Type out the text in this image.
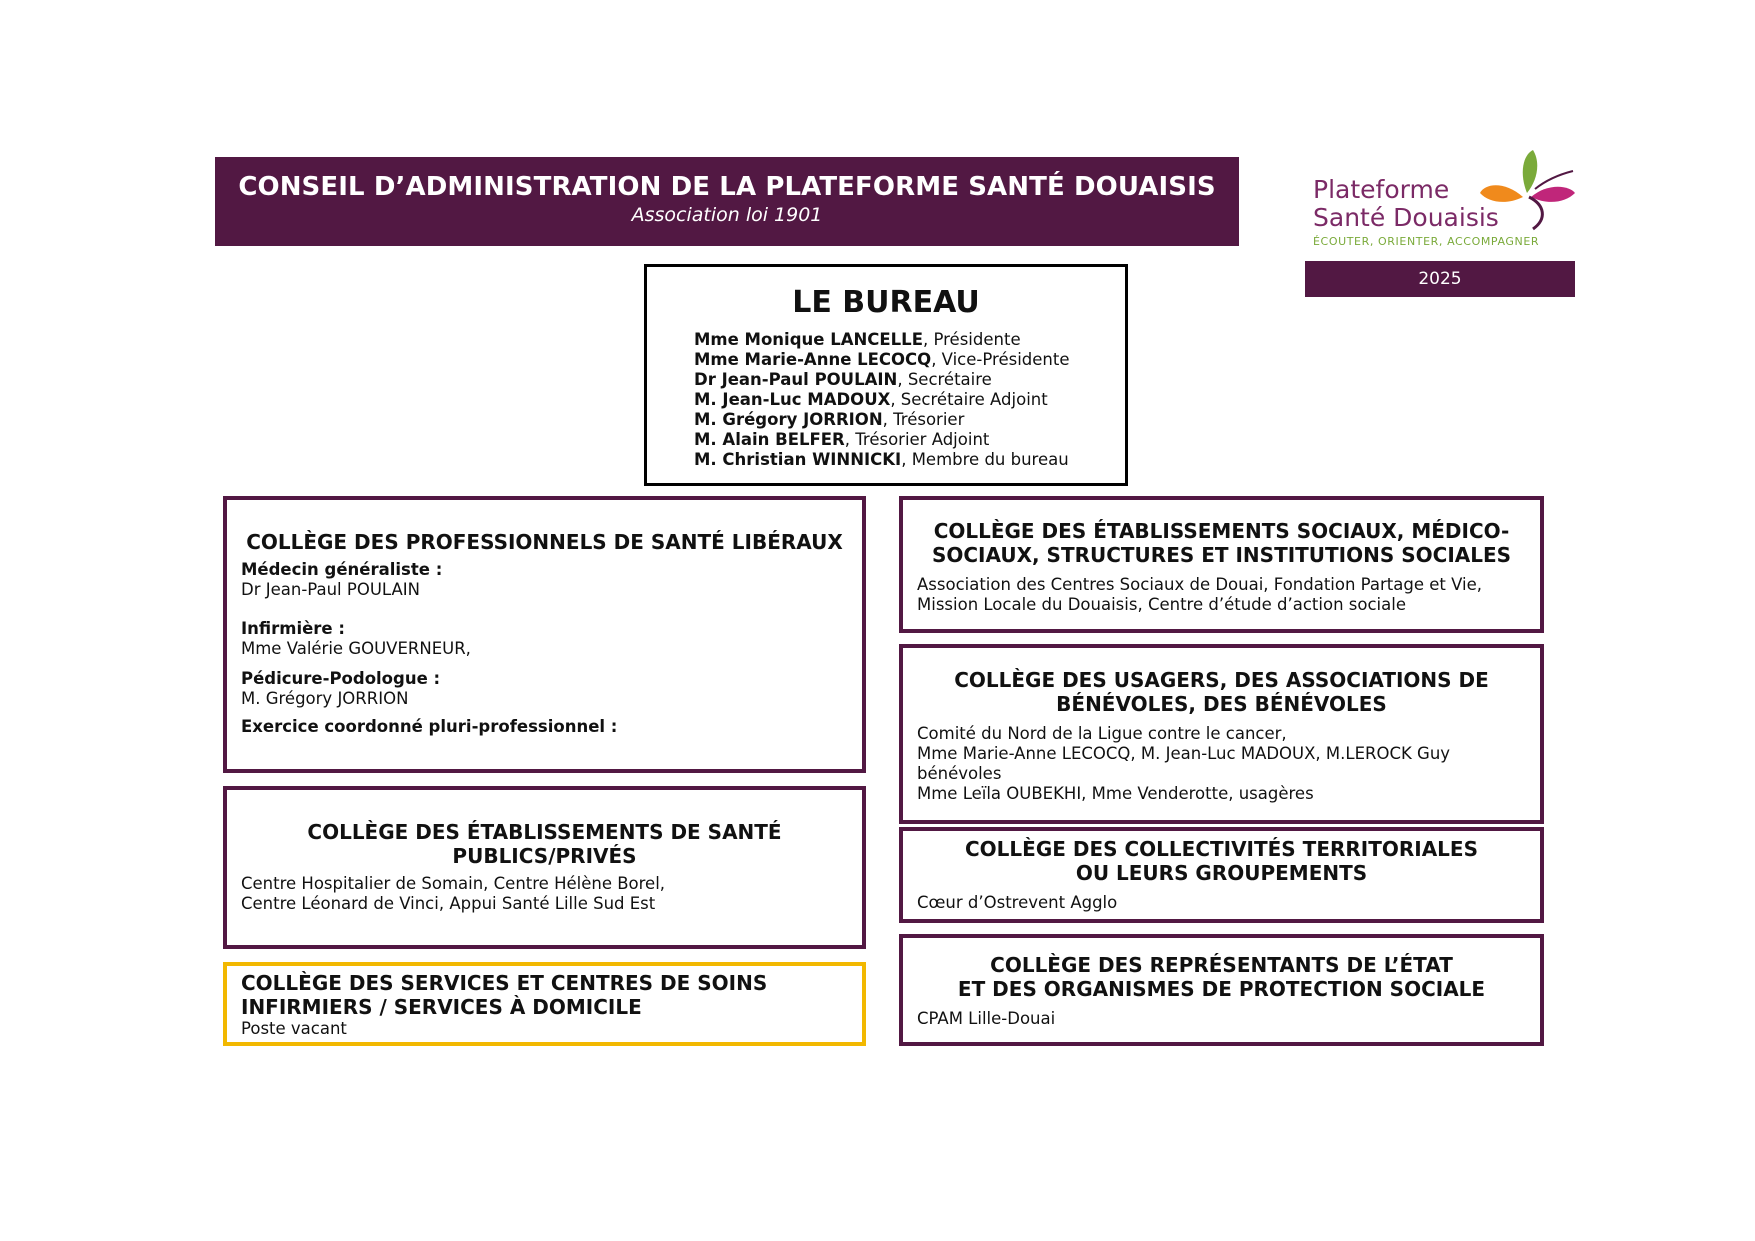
CONSEIL D’ADMINISTRATION DE LA PLATEFORME SANTÉ DOUAISIS
Association loi 1901
Plateforme
Santé Douaisis
ÉCOUTER, ORIENTER, ACCOMPAGNER
2025
LE BUREAU
Mme Monique LANCELLE, Présidente
Mme Marie-Anne LECOCQ, Vice-Présidente
Dr Jean-Paul POULAIN, Secrétaire
M. Jean-Luc MADOUX, Secrétaire Adjoint
M. Grégory JORRION, Trésorier
M. Alain BELFER, Trésorier Adjoint
M. Christian WINNICKI, Membre du bureau
COLLÈGE DES PROFESSIONNELS DE SANTÉ LIBÉRAUX
Médecin généraliste :
Dr Jean-Paul POULAIN
Infirmière :
Mme Valérie GOUVERNEUR,
Pédicure-Podologue :
M. Grégory JORRION
Exercice coordonné pluri-professionnel :
COLLÈGE DES ÉTABLISSEMENTS DE SANTÉ
PUBLICS/PRIVÉS
Centre Hospitalier de Somain, Centre Hélène Borel,
Centre Léonard de Vinci, Appui Santé Lille Sud Est
COLLÈGE DES SERVICES ET CENTRES DE SOINS
INFIRMIERS / SERVICES À DOMICILE
Poste vacant
COLLÈGE DES ÉTABLISSEMENTS SOCIAUX, MÉDICO-
SOCIAUX, STRUCTURES ET INSTITUTIONS SOCIALES
Association des Centres Sociaux de Douai, Fondation Partage et Vie,
Mission Locale du Douaisis, Centre d’étude d’action sociale
COLLÈGE DES USAGERS, DES ASSOCIATIONS DE
BÉNÉVOLES, DES BÉNÉVOLES
Comité du Nord de la Ligue contre le cancer,
Mme Marie-Anne LECOCQ, M. Jean-Luc MADOUX, M.LEROCK Guy
bénévoles
Mme Leïla OUBEKHI, Mme Venderotte, usagères
COLLÈGE DES COLLECTIVITÉS TERRITORIALES
OU LEURS GROUPEMENTS
Cœur d’Ostrevent Agglo
COLLÈGE DES REPRÉSENTANTS DE L’ÉTAT
ET DES ORGANISMES DE PROTECTION SOCIALE
CPAM Lille-Douai
